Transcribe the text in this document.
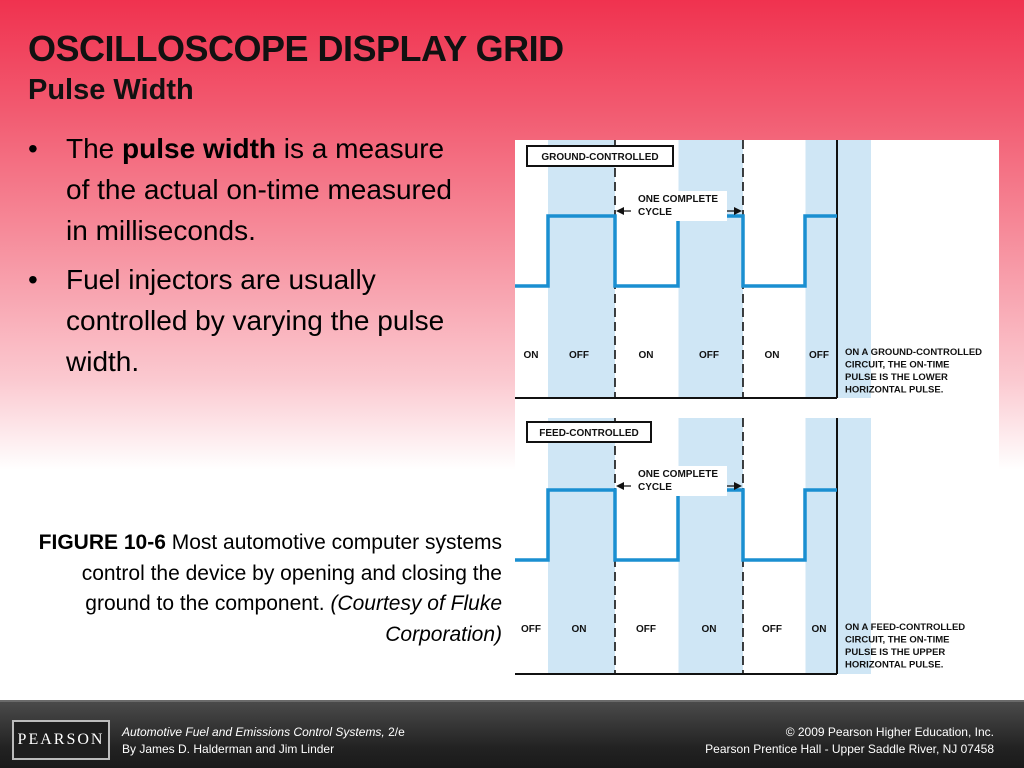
OSCILLOSCOPE DISPLAY GRID
Pulse Width
• The pulse width is a measure of the actual on-time measured in milliseconds.
• Fuel injectors are usually controlled by varying the pulse width.

FIGURE 10-6 Most automotive computer systems control the device by opening and closing the ground to the component. (Courtesy of Fluke Corporation)

GROUND-CONTROLLED
ONE COMPLETE
CYCLE
ON	OFF	ON	OFF	ON	OFF ON A GROUND-CONTROLLED
CIRCUIT, THE ON-TIME
PULSE IS THE LOWER
HORIZONTAL PULSE.
FEED-CONTROLLED
ONE COMPLETE
CYCLE
OFF	ON	OFF	ON	OFF	ON ON A FEED-CONTROLLED
CIRCUIT, THE ON-TIME
PULSE IS THE UPPER
HORIZONTAL PULSE.
PEARSON	Automotive Fuel and Emissions Control Systems, 2/e
By James D. Halderman and Jim Linder
© 2009 Pearson Higher Education, Inc.
Pearson Prentice Hall - Upper Saddle River, NJ 07458
